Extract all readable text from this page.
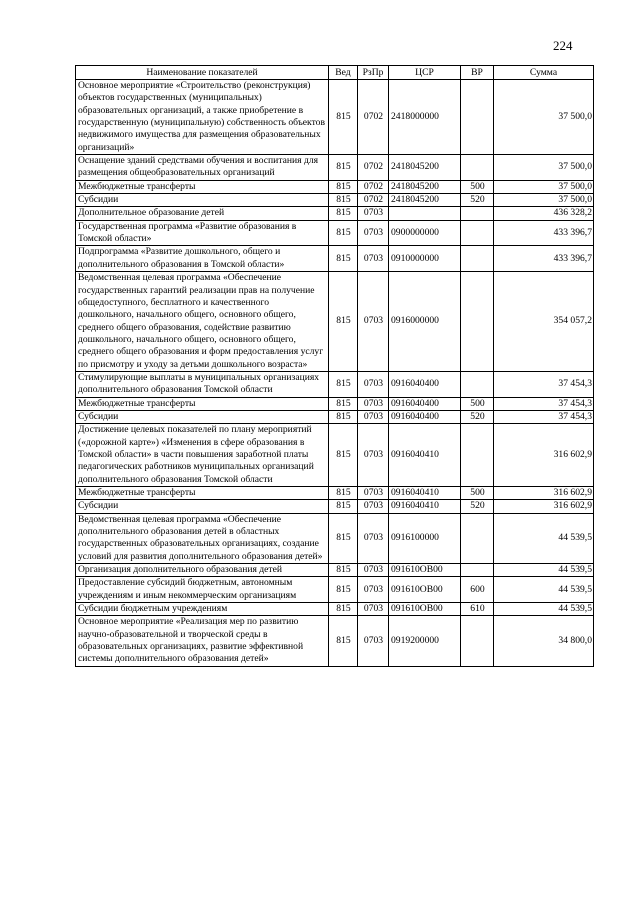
224
Наименование показателей	Вед	РзПр	ЦСР	ВР	Сумма
Основное мероприятие «Строительство (реконструкция) объектов государственных (муниципальных) образовательных организаций, а также приобретение в государственную (муниципальную) собственность объектов недвижимого имущества для размещения образовательных организаций»	815	0702	2418000000		37 500,0
Оснащение зданий средствами обучения и воспитания для размещения общеобразовательных организаций	815	0702	2418045200		37 500,0
Межбюджетные трансферты	815	0702	2418045200	500	37 500,0
Субсидии	815	0702	2418045200	520	37 500,0
Дополнительное образование детей	815	0703			436 328,2
Государственная программа «Развитие образования в Томской области»	815	0703	0900000000		433 396,7
Подпрограмма «Развитие дошкольного, общего и дополнительного образования в Томской области»	815	0703	0910000000		433 396,7
Ведомственная целевая программа «Обеспечение государственных гарантий реализации прав на получение общедоступного, бесплатного и качественного дошкольного, начального общего, основного общего, среднего общего образования, содействие развитию дошкольного, начального общего, основного общего, среднего общего образования и форм предоставления услуг по присмотру и уходу за детьми дошкольного возраста»	815	0703	0916000000		354 057,2
Стимулирующие выплаты в муниципальных организациях дополнительного образования Томской области	815	0703	0916040400		37 454,3
Межбюджетные трансферты	815	0703	0916040400	500	37 454,3
Субсидии	815	0703	0916040400	520	37 454,3
Достижение целевых показателей по плану мероприятий («дорожной карте») «Изменения в сфере образования в Томской области» в части повышения заработной платы педагогических работников муниципальных организаций дополнительного образования Томской области	815	0703	0916040410		316 602,9
Межбюджетные трансферты	815	0703	0916040410	500	316 602,9
Субсидии	815	0703	0916040410	520	316 602,9
Ведомственная целевая программа «Обеспечение дополнительного образования детей в областных государственных образовательных организациях, создание условий для развития дополнительного образования детей»	815	0703	0916100000		44 539,5
Организация дополнительного образования детей	815	0703	091610ОВ00		44 539,5
Предоставление субсидий бюджетным, автономным учреждениям и иным некоммерческим организациям	815	0703	091610ОВ00	600	44 539,5
Субсидии бюджетным учреждениям	815	0703	091610ОВ00	610	44 539,5
Основное мероприятие «Реализация мер по развитию научно-образовательной и творческой среды в образовательных организациях, развитие эффективной системы дополнительного образования детей»	815	0703	0919200000		34 800,0
